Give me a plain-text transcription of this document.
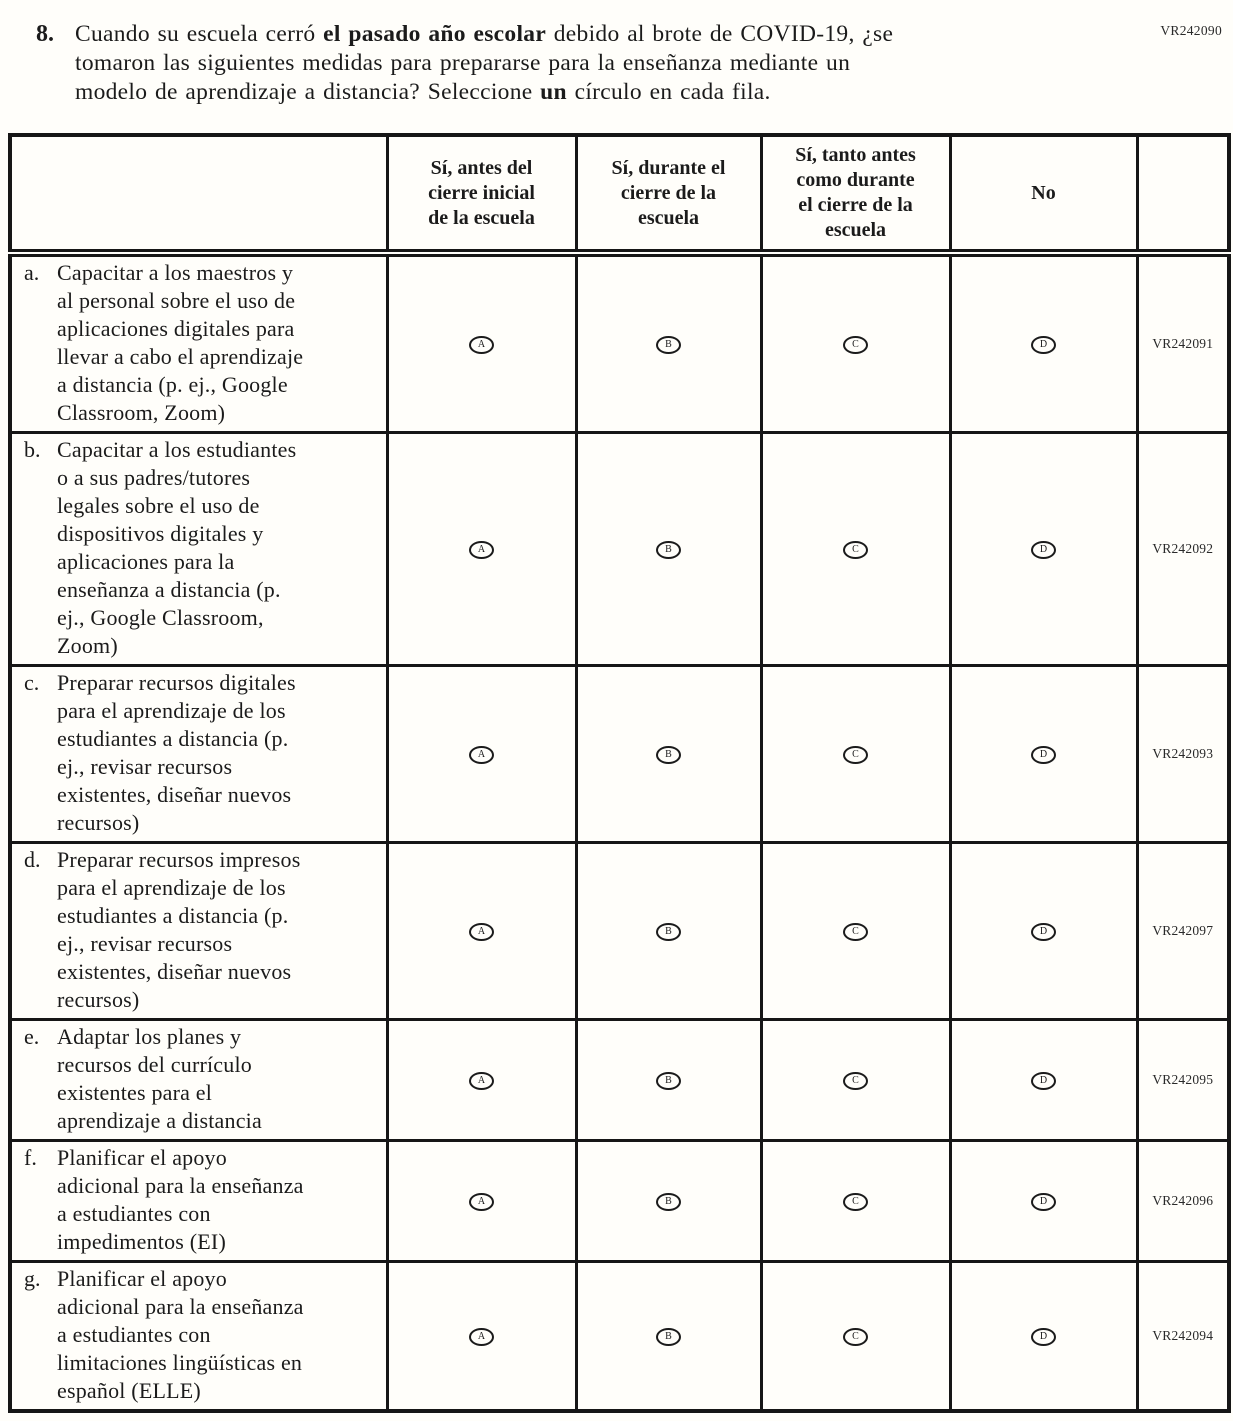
VR242090
8. Cuando su escuela cerró el pasado año escolar debido al brote de COVID-19, ¿se
tomaron las siguientes medidas para prepararse para la enseñanza mediante un
modelo de aprendizaje a distancia? Seleccione un círculo en cada fila.
	Sí, antes del
cierre inicial
de la escuela	Sí, durante el
cierre de la
escuela	Sí, tanto antes
como durante
el cierre de la
escuela	No	

a. Capacitar a los maestros y
al personal sobre el uso de
aplicaciones digitales para
llevar a cabo el aprendizaje
a distancia (p. ej., Google
Classroom, Zoom)
	A	B	C	D	VR242091

b. Capacitar a los estudiantes
o a sus padres/tutores
legales sobre el uso de
dispositivos digitales y
aplicaciones para la
enseñanza a distancia (p.
ej., Google Classroom,
Zoom)
	A	B	C	D	VR242092

c. Preparar recursos digitales
para el aprendizaje de los
estudiantes a distancia (p.
ej., revisar recursos
existentes, diseñar nuevos
recursos)
	A	B	C	D	VR242093

d. Preparar recursos impresos
para el aprendizaje de los
estudiantes a distancia (p.
ej., revisar recursos
existentes, diseñar nuevos
recursos)
	A	B	C	D	VR242097

e. Adaptar los planes y
recursos del currículo
existentes para el
aprendizaje a distancia	A	B	C	D	VR242095

f. Planificar el apoyo
adicional para la enseñanza
a estudiantes con
impedimentos (EI)	A	B	C	D	VR242096

g. Planificar el apoyo
adicional para la enseñanza
a estudiantes con
limitaciones lingüísticas en
español (ELLE)
	A	B	C	D	VR242094
